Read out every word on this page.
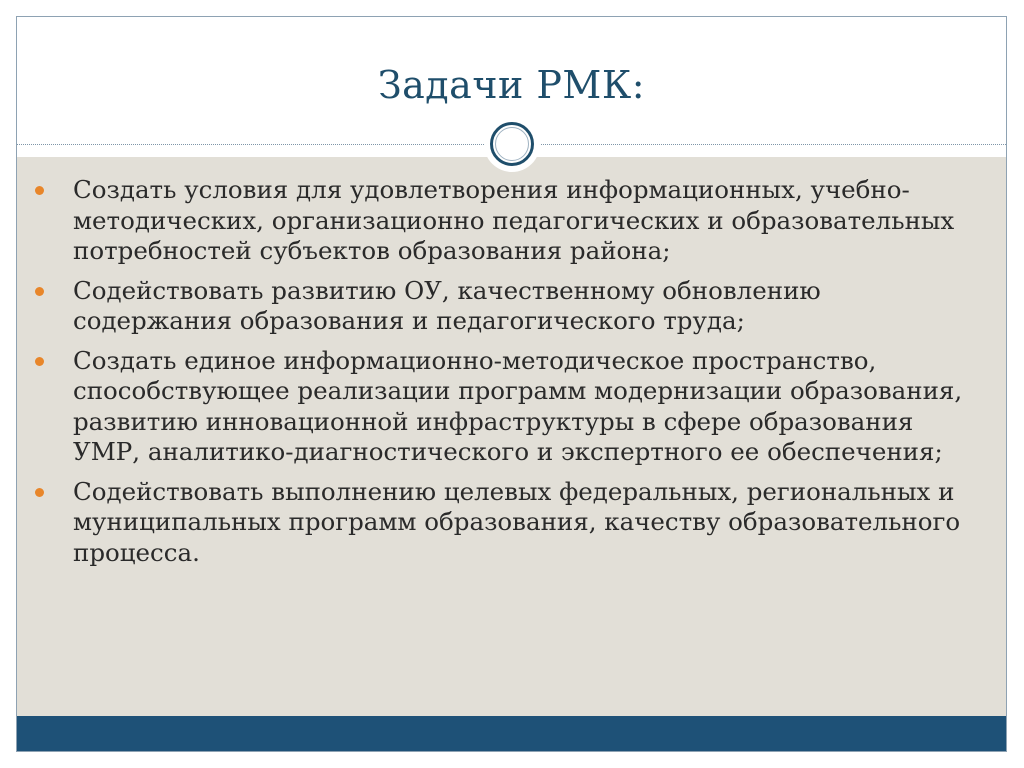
Задачи РМК:
Создать условия для удовлетворения информационных, учебно-методических, организационно педагогических и образовательных потребностей субъектов образования района;
Содействовать развитию ОУ, качественному обновлению содержания образования и педагогического труда;
Создать единое информационно-методическое пространство, способствующее реализации программ модернизации образования, развитию инновационной инфраструктуры в сфере образования УМР, аналитико-диагностического и экспертного ее обеспечения;
Содействовать выполнению целевых федеральных, региональных и муниципальных программ образования, качеству образовательного процесса.
